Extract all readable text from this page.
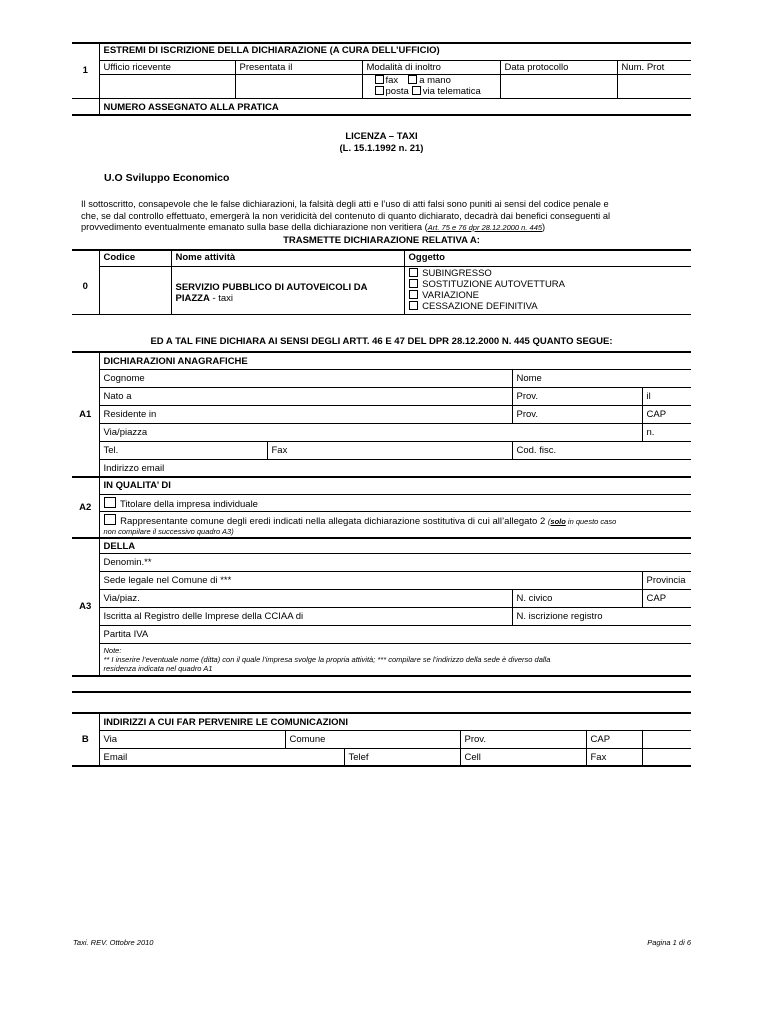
1	ESTREMI DI ISCRIZIONE DELLA DICHIARAZIONE (A CURA DELL’UFFICIO)				
	Ufficio ricevente	Presentata il	Modalità di inoltro	Data protocollo	Num. Prot

			fax a mano
posta via telematica		

	NUMERO ASSEGNATO ALLA PRATICA				
LICENZA – TAXI
(L. 15.1.1992 n. 21)
U.O Sviluppo Economico
Il sottoscritto, consapevole che le false dichiarazioni, la falsità degli atti e l’uso di atti falsi sono puniti ai sensi del codice penale e
che, se dal controllo effettuato, emergerà la non veridicità del contenuto di quanto dichiarato, decadrà dai benefici conseguenti al
provvedimento eventualmente emanato sulla base della dichiarazione non veritiera (Art. 75 e 76 dpr 28.12.2000 n. 445)
TRASMETTE DICHIARAZIONE RELATIVA A:
0	Codice	Nome attività	Oggetto
		SERVIZIO PUBBLICO DI AUTOVEICOLI DA PIAZZA - taxi	SUBINGRESSO
SOSTITUZIONE AUTOVETTURA
VARIAZIONE
CESSAZIONE DEFINITIVA
ED A TAL FINE DICHIARA AI SENSI DEGLI ARTT. 46 E 47 DEL DPR 28.12.2000 N. 445 QUANTO SEGUE:
A1	DICHIARAZIONI ANAGRAFICHE			
	Cognome		Nome	
	Nato a		Prov.	il
	Residente in		Prov.	CAP
	Via/piazza			n.
	Tel.	Fax	Cod. fisc.	
	Indirizzo email			
A2	IN QUALITA’ DI			
	Titolare della impresa individuale			
	Rappresentante comune degli eredi indicati nella allegata dichiarazione sostitutiva di cui all’allegato 2 (solo in questo caso
non compilare il successivo quadro A3)			

A3	DELLA			
	Denomin.**			
	Sede legale nel Comune di ***			Provincia
	Via/piaz.		N. civico	CAP
	Iscritta al Registro delle Imprese della CCIAA di		N. iscrizione registro	
	Partita IVA			

	Note:
** I inserire l’eventuale nome (ditta) con il quale l’impresa svolge la propria attività; *** compilare se l’indirizzo della sede è diverso dalla
residenza indicata nel quadro A1			
B	INDIRIZZI A CUI FAR PERVENIRE LE COMUNICAZIONI					
	Via	Comune		Prov.	CAP	
	Email		Telef	Cell	Fax	
Taxi. REV. Ottobre 2010	Pagina 1 di 6
